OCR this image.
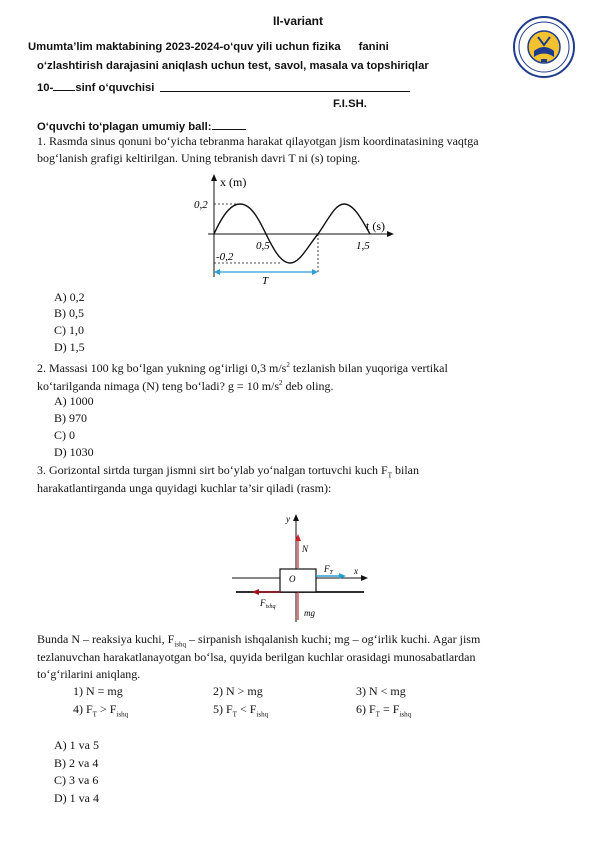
II-variant
Umumta’lim maktabining 2023-2024-o‘quv yili uchun fizika fanini
o‘zlashtirish darajasini aniqlash uchun test, savol, masala va topshiriqlar
10- sinf o‘quvchisi
F.I.SH.
O‘quvchi to‘plagan umumiy ball:
1. Rasmda sinus qonuni bo‘yicha tebranma harakat qilayotgan jism koordinatasining vaqtga
bog‘lanish grafigi keltirilgan. Uning tebranish davri T ni (s) toping.
x (m)
0,2
-0,2
0,5	1,5
t (s)
T
A) 0,2
B) 0,5
C) 1,0
D) 1,5
2. Massasi 100 kg bo‘lgan yukning og‘irligi 0,3 $m/s^2$ tezlanish bilan yuqoriga vertikal
ko‘tarilganda nimaga (N) teng bo‘ladi? g = 10 $m/s^2$ deb oling.
A) 1000
B) 970
C) 0
D) 1030
3. Gorizontal sirtda turgan jismni sirt bo‘ylab yo‘nalgan tortuvchi kuch $F_T$ bilan
harakatlantirganda unga quyidagi kuchlar ta’sir qiladi (rasm):
y
N
O
$F_T$ x
$F_{ishq}$
mg
Bunda N – reaksiya kuchi, $F_{ishq}$ – sirpanish ishqalanish kuchi; mg – og‘irlik kuchi. Agar jism
tezlanuvchan harakatlanayotgan bo‘lsa, quyida berilgan kuchlar orasidagi munosabatlardan
to‘g‘rilarini aniqlang.
1) N = mg	2) N > mg	3) N < mg
4) $F_T > F_{ishq}$	5) $F_T < F_{ishq}$	6) $F_T = F_{ishq}$
A) 1 va 5
B) 2 va 4
C) 3 va 6
D) 1 va 4
